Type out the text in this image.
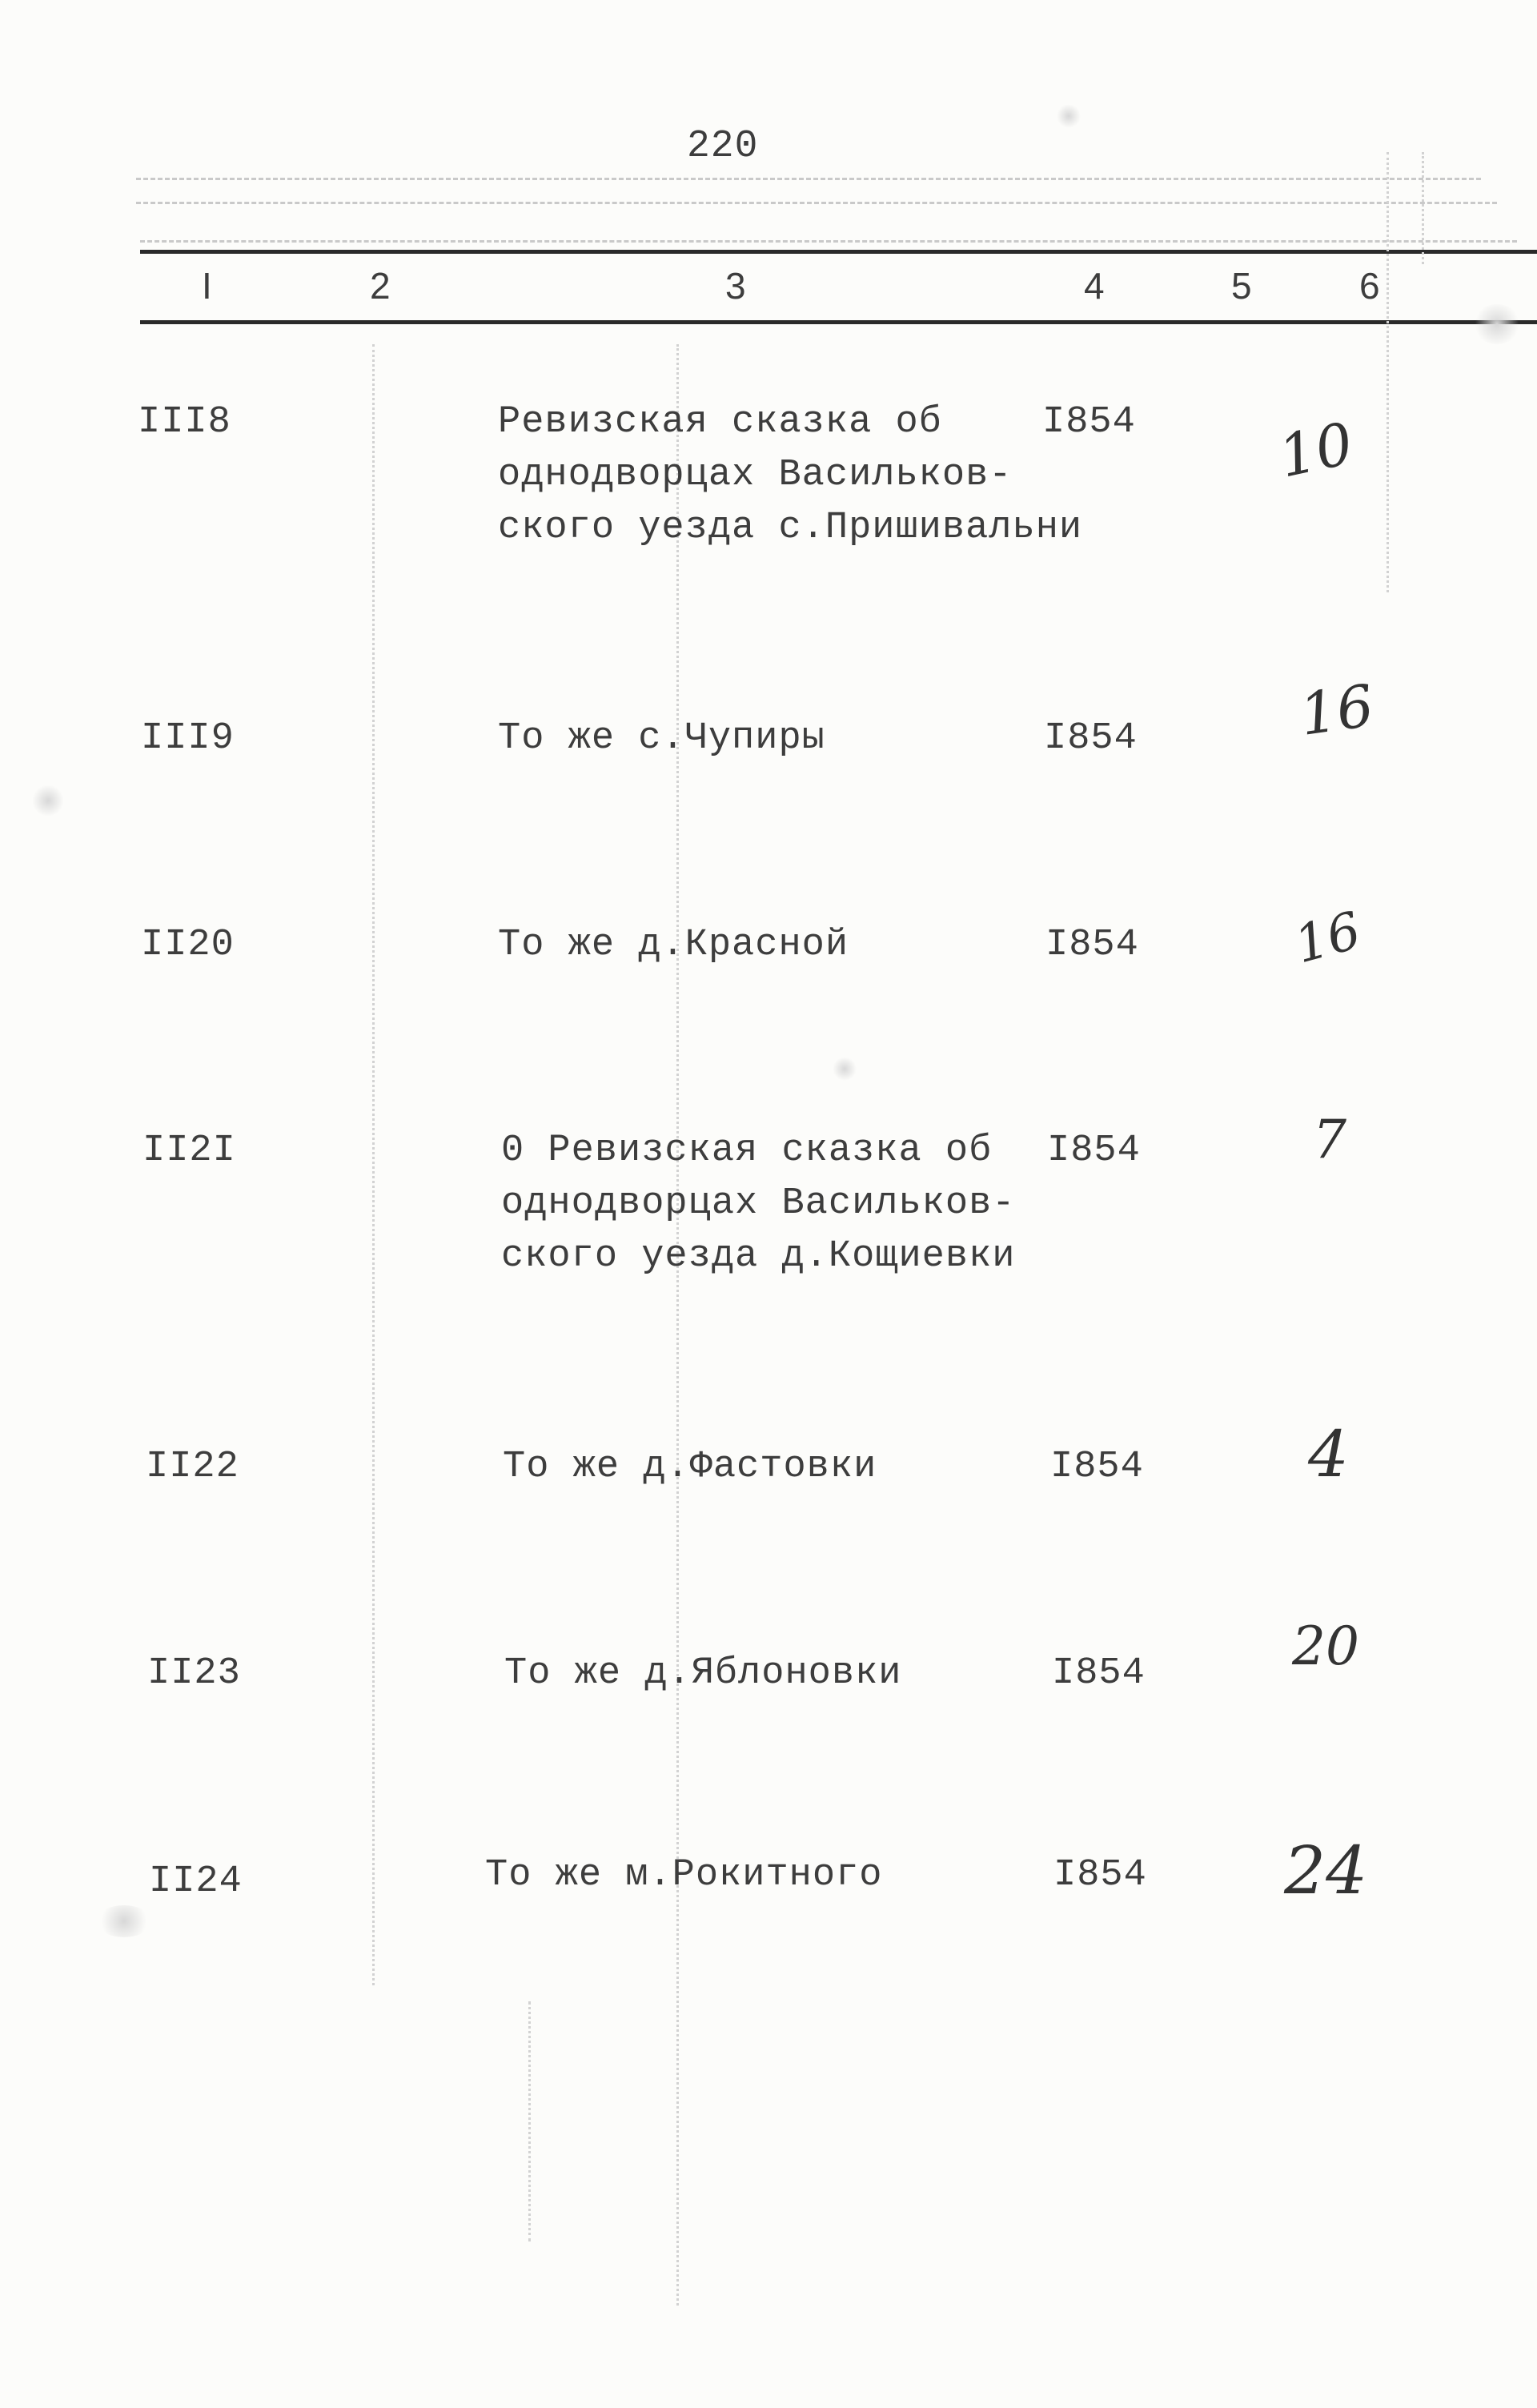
220
I	2	3	4	5	6
III8	Ревизская сказка об
однодворцах Васильков-
ского уезда с.Пришивальни
I854 10
III9	То же с.Чупиры	I854	16
II20	То же д.Красной	I854	16
II2I	0 Ревизская сказка об
однодворцах Васильков-
ского уезда д.Кощиевки
I854	7
II22	То же д.Фастовки	I854	4
II23	То же д.Яблоновки	I854	20
II24	То же м.Рокитного	I854 24
